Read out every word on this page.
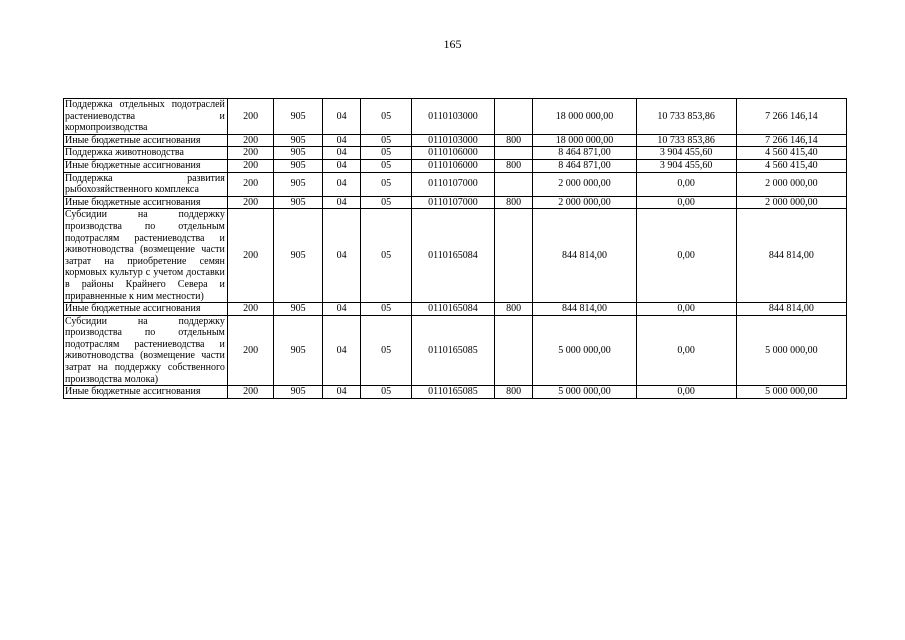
165
Поддержка отдельных подотраслей растениеводства и кормопроизводства	200	905	04	05	0110103000		18 000 000,00	10 733 853,86	7 266 146,14
Иные бюджетные ассигнования	200	905	04	05	0110103000	800	18 000 000,00	10 733 853,86	7 266 146,14
Поддержка животноводства	200	905	04	05	0110106000		8 464 871,00	3 904 455,60	4 560 415,40
Иные бюджетные ассигнования	200	905	04	05	0110106000	800	8 464 871,00	3 904 455,60	4 560 415,40
Поддержка развития рыбохозяйственного комплекса	200	905	04	05	0110107000		2 000 000,00	0,00	2 000 000,00
Иные бюджетные ассигнования	200	905	04	05	0110107000	800	2 000 000,00	0,00	2 000 000,00
Субсидии на поддержку производства по отдельным подотраслям растениеводства и животноводства (возмещение части затрат на приобретение семян кормовых культур с учетом доставки в районы Крайнего Севера и приравненные к ним местности)	200	905	04	05	0110165084		844 814,00	0,00	844 814,00
Иные бюджетные ассигнования	200	905	04	05	0110165084	800	844 814,00	0,00	844 814,00
Субсидии на поддержку производства по отдельным подотраслям растениеводства и животноводства (возмещение части затрат на поддержку собственного производства молока)	200	905	04	05	0110165085		5 000 000,00	0,00	5 000 000,00
Иные бюджетные ассигнования	200	905	04	05	0110165085	800	5 000 000,00	0,00	5 000 000,00
